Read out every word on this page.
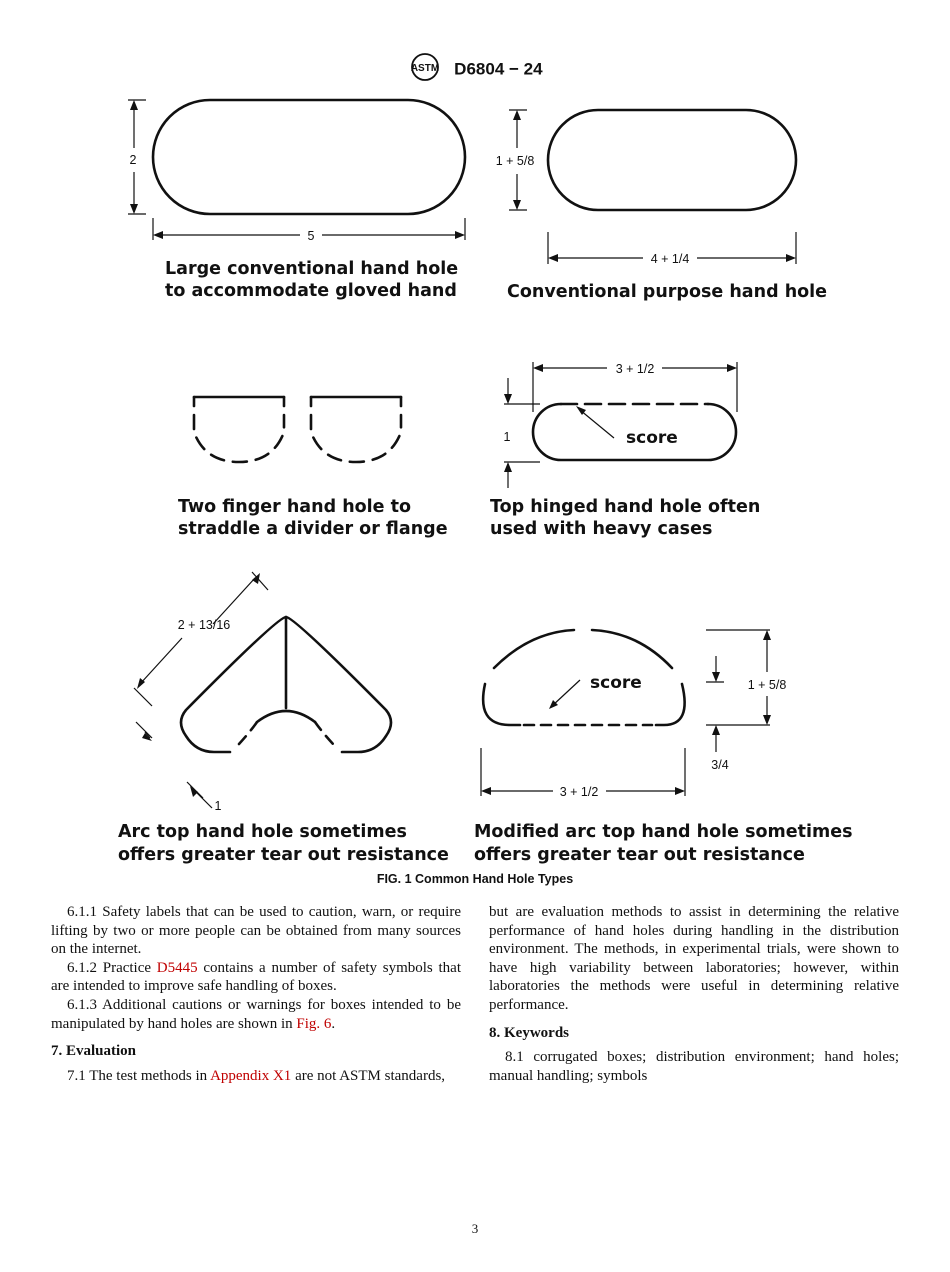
ASTM D6804 − 24
2
5
1 + 5/8
4 + 1/4
3 + 1/2
1	score
2 + 13/16
1
1 + 5/8
3/4
3 + 1/2
score
Large conventional hand hole
to accommodate gloved hand	Conventional purpose hand hole
Two finger hand hole to
straddle a divider or flange
Top hinged hand hole often
used with heavy cases
Arc top hand hole sometimes
offers greater tear out resistance
Modified arc top hand hole sometimes
offers greater tear out resistance
FIG. 1 Common Hand Hole Types

6.1.1 Safety labels that can be used to caution, warn, or require lifting by two or more people can be obtained from many sources on the internet.

6.1.2 Practice D5445 contains a number of safety symbols that are intended to improve safe handling of boxes.

6.1.3 Additional cautions or warnings for boxes intended to be manipulated by hand holes are shown in Fig. 6.

7. Evaluation

7.1 The test methods in Appendix X1 are not ASTM standards,

but are evaluation methods to assist in determining the relative performance of hand holes during handling in the distribution environment. The methods, in experimental trials, were shown to have high variability between laboratories; however, within laboratories the methods were useful in determining relative performance.

8. Keywords

8.1 corrugated boxes; distribution environment; hand holes; manual handling; symbols

3
